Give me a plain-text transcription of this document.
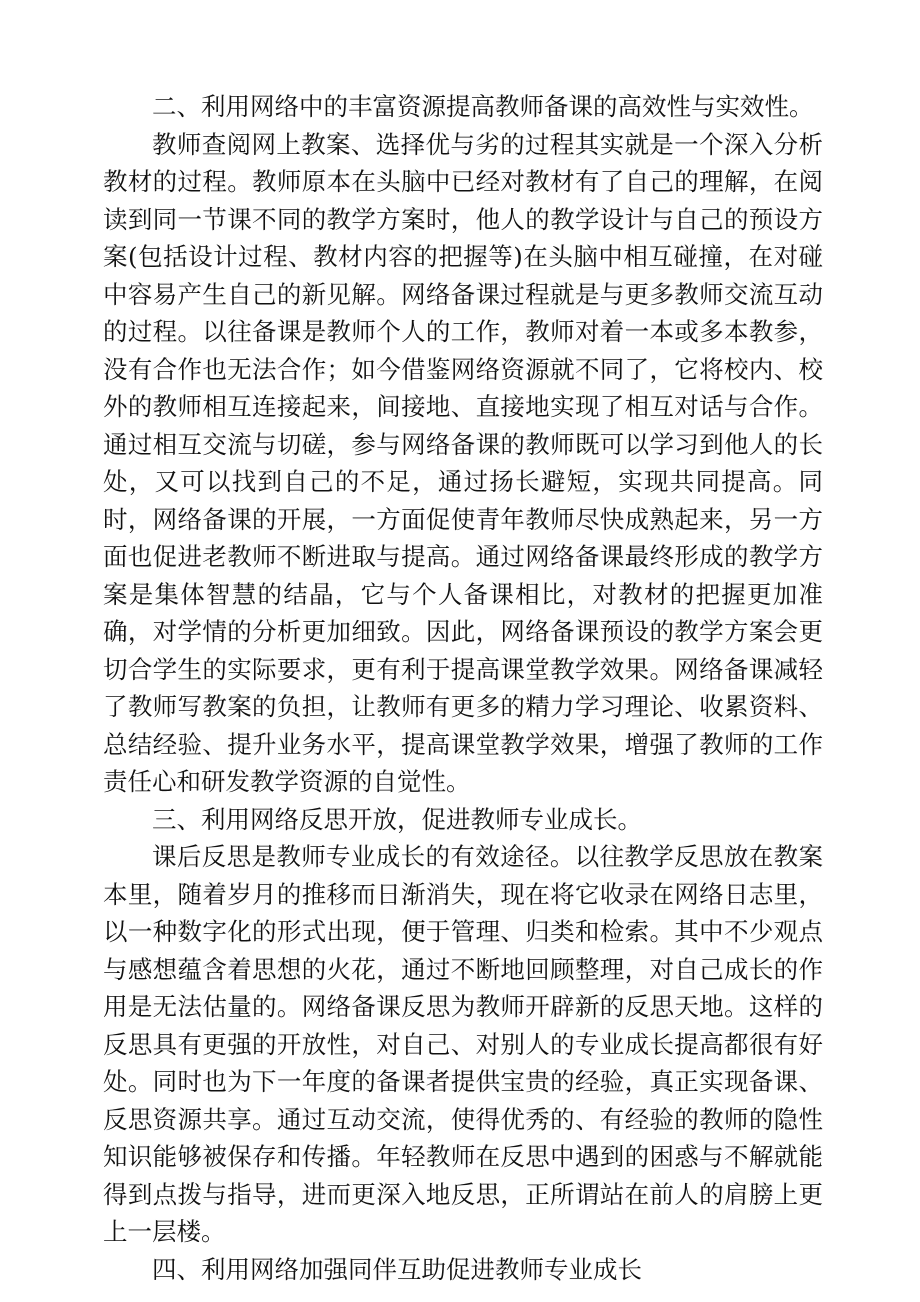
二、利用网络中的丰富资源提高教师备课的高效性与实效性。

教师查阅网上教案、选择优与劣的过程其实就是一个深入分析教材的过程。教师原本在头脑中已经对教材有了自己的理解，在阅读到同一节课不同的教学方案时，他人的教学设计与自己的预设方案(包括设计过程、教材内容的把握等)在头脑中相互碰撞，在对碰中容易产生自己的新见解。网络备课过程就是与更多教师交流互动的过程。以往备课是教师个人的工作，教师对着一本或多本教参，没有合作也无法合作；如今借鉴网络资源就不同了，它将校内、校外的教师相互连接起来，间接地、直接地实现了相互对话与合作。通过相互交流与切磋，参与网络备课的教师既可以学习到他人的长处，又可以找到自己的不足，通过扬长避短，实现共同提高。同时，网络备课的开展，一方面促使青年教师尽快成熟起来，另一方面也促进老教师不断进取与提高。通过网络备课最终形成的教学方案是集体智慧的结晶，它与个人备课相比，对教材的把握更加准确，对学情的分析更加细致。因此，网络备课预设的教学方案会更切合学生的实际要求，更有利于提高课堂教学效果。网络备课减轻了教师写教案的负担，让教师有更多的精力学习理论、收累资料、总结经验、提升业务水平，提高课堂教学效果，增强了教师的工作责任心和研发教学资源的自觉性。

三、利用网络反思开放，促进教师专业成长。

课后反思是教师专业成长的有效途径。以往教学反思放在教案本里，随着岁月的推移而日渐消失，现在将它收录在网络日志里，以一种数字化的形式出现，便于管理、归类和检索。其中不少观点与感想蕴含着思想的火花，通过不断地回顾整理，对自己成长的作用是无法估量的。网络备课反思为教师开辟新的反思天地。这样的反思具有更强的开放性，对自己、对别人的专业成长提高都很有好处。同时也为下一年度的备课者提供宝贵的经验，真正实现备课、反思资源共享。通过互动交流，使得优秀的、有经验的教师的隐性知识能够被保存和传播。年轻教师在反思中遇到的困惑与不解就能得到点拨与指导，进而更深入地反思，正所谓站在前人的肩膀上更上一层楼。

四、利用网络加强同伴互助促进教师专业成长
